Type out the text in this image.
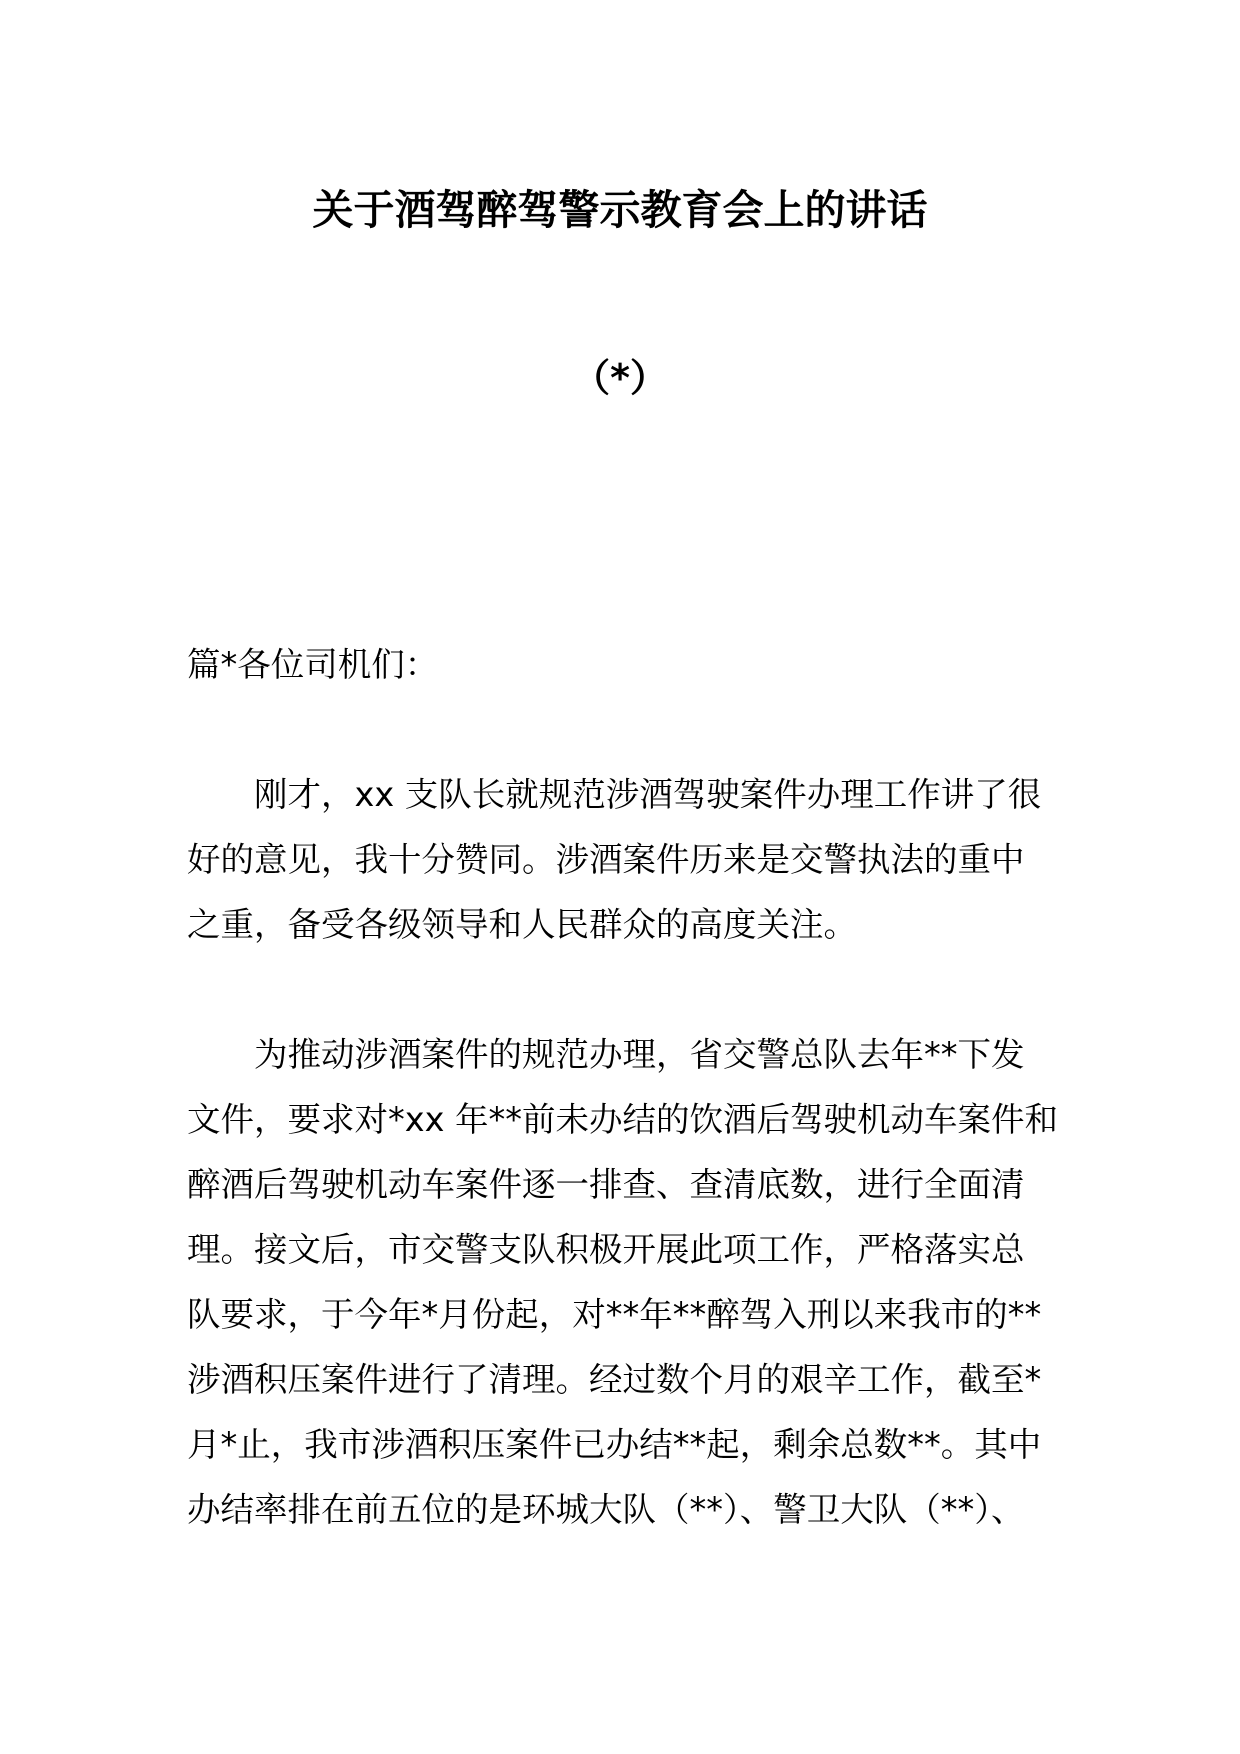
关于酒驾醉驾警示教育会上的讲话
（*）
篇*各位司机们：
　　刚才，xx 支队长就规范涉酒驾驶案件办理工作讲了很
好的意见，我十分赞同。涉酒案件历来是交警执法的重中
之重，备受各级领导和人民群众的高度关注。
　　为推动涉酒案件的规范办理，省交警总队去年**下发
文件，要求对*xx 年**前未办结的饮酒后驾驶机动车案件和
醉酒后驾驶机动车案件逐一排查、查清底数，进行全面清
理。接文后，市交警支队积极开展此项工作，严格落实总
队要求，于今年*月份起，对**年**醉驾入刑以来我市的**
涉酒积压案件进行了清理。经过数个月的艰辛工作，截至*
月*止，我市涉酒积压案件已办结**起，剩余总数**。其中
办结率排在前五位的是环城大队（**）、警卫大队（**）、
